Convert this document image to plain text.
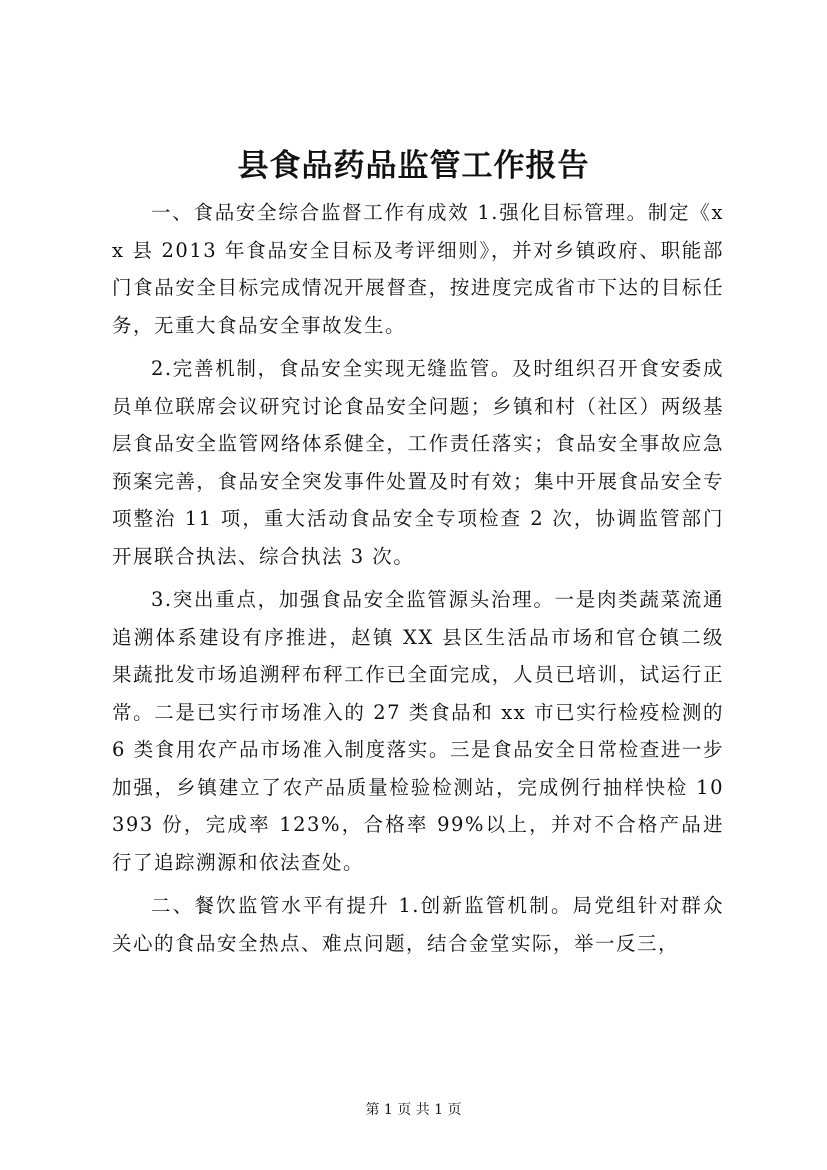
县食品药品监管工作报告

一、食品安全综合监督工作有成效 1.强化目标管理。制定《xx 县 2013 年食品安全目标及考评细则》，并对乡镇政府、职能部门食品安全目标完成情况开展督查，按进度完成省市下达的目标任务，无重大食品安全事故发生。

2.完善机制，食品安全实现无缝监管。及时组织召开食安委成员单位联席会议研究讨论食品安全问题；乡镇和村（社区）两级基层食品安全监管网络体系健全，工作责任落实；食品安全事故应急预案完善，食品安全突发事件处置及时有效；集中开展食品安全专项整治 11 项，重大活动食品安全专项检查 2 次，协调监管部门开展联合执法、综合执法 3 次。

3.突出重点，加强食品安全监管源头治理。一是肉类蔬菜流通追溯体系建设有序推进，赵镇 XX 县区生活品市场和官仓镇二级果蔬批发市场追溯秤布秤工作已全面完成，人员已培训，试运行正常。二是已实行市场准入的 27 类食品和 xx 市已实行检疫检测的 6 类食用农产品市场准入制度落实。三是食品安全日常检查进一步加强，乡镇建立了农产品质量检验检测站，完成例行抽样快检 10393 份，完成率 123%，合格率 99%以上，并对不合格产品进行了追踪溯源和依法查处。

二、餐饮监管水平有提升 1.创新监管机制。局党组针对群众关心的食品安全热点、难点问题，结合金堂实际，举一反三，

第 1 页 共 1 页
